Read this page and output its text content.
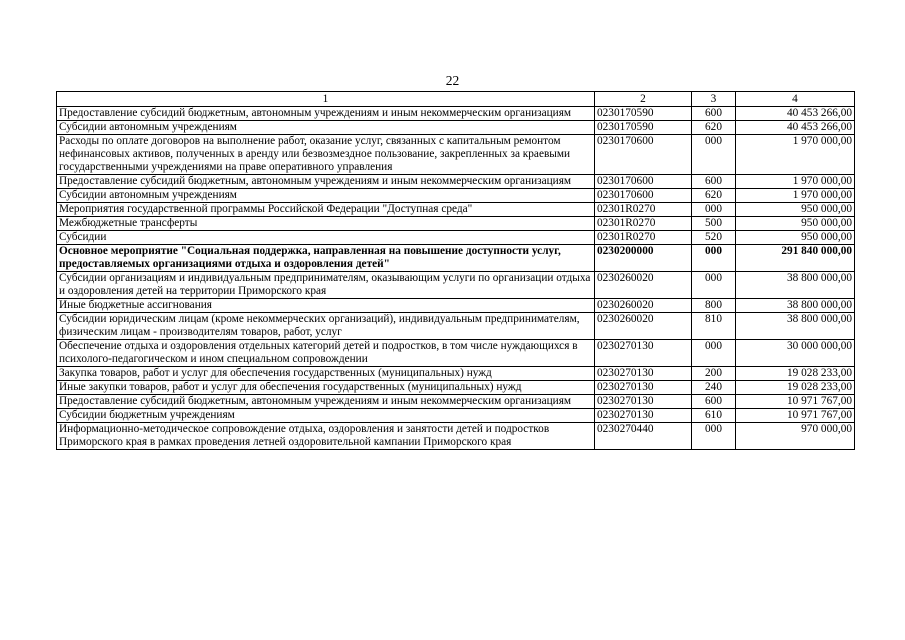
22
1	2	3	4
Предоставление субсидий бюджетным, автономным учреждениям и иным некоммерческим организациям	0230170590	600	40 453 266,00
Субсидии автономным учреждениям	0230170590	620	40 453 266,00
Расходы по оплате договоров на выполнение работ, оказание услуг, связанных с капитальным ремонтом нефинансовых активов, полученных в аренду или безвозмездное пользование, закрепленных за краевыми государственными учреждениями на праве оперативного управления	0230170600	000	1 970 000,00
Предоставление субсидий бюджетным, автономным учреждениям и иным некоммерческим организациям	0230170600	600	1 970 000,00
Субсидии автономным учреждениям	0230170600	620	1 970 000,00
Мероприятия государственной программы Российской Федерации "Доступная среда"	02301R0270	000	950 000,00
Межбюджетные трансферты	02301R0270	500	950 000,00
Субсидии	02301R0270	520	950 000,00
Основное мероприятие "Социальная поддержка, направленная на повышение доступности услуг, предоставляемых организациями отдыха и оздоровления детей"	0230200000	000	291 840 000,00
Субсидии организациям и индивидуальным предпринимателям, оказывающим услуги по организации отдыха и оздоровления детей на территории Приморского края	0230260020	000	38 800 000,00
Иные бюджетные ассигнования	0230260020	800	38 800 000,00
Субсидии юридическим лицам (кроме некоммерческих организаций), индивидуальным предпринимателям, физическим лицам - производителям товаров, работ, услуг	0230260020	810	38 800 000,00
Обеспечение отдыха и оздоровления отдельных категорий детей и подростков, в том числе нуждающихся в психолого-педагогическом и ином специальном сопровождении	0230270130	000	30 000 000,00
Закупка товаров, работ и услуг для обеспечения государственных (муниципальных) нужд	0230270130	200	19 028 233,00
Иные закупки товаров, работ и услуг для обеспечения государственных (муниципальных) нужд	0230270130	240	19 028 233,00
Предоставление субсидий бюджетным, автономным учреждениям и иным некоммерческим организациям	0230270130	600	10 971 767,00
Субсидии бюджетным учреждениям	0230270130	610	10 971 767,00
Информационно-методическое сопровождение отдыха, оздоровления и занятости детей и подростков Приморского края в рамках проведения летней оздоровительной кампании Приморского края	0230270440	000	970 000,00
